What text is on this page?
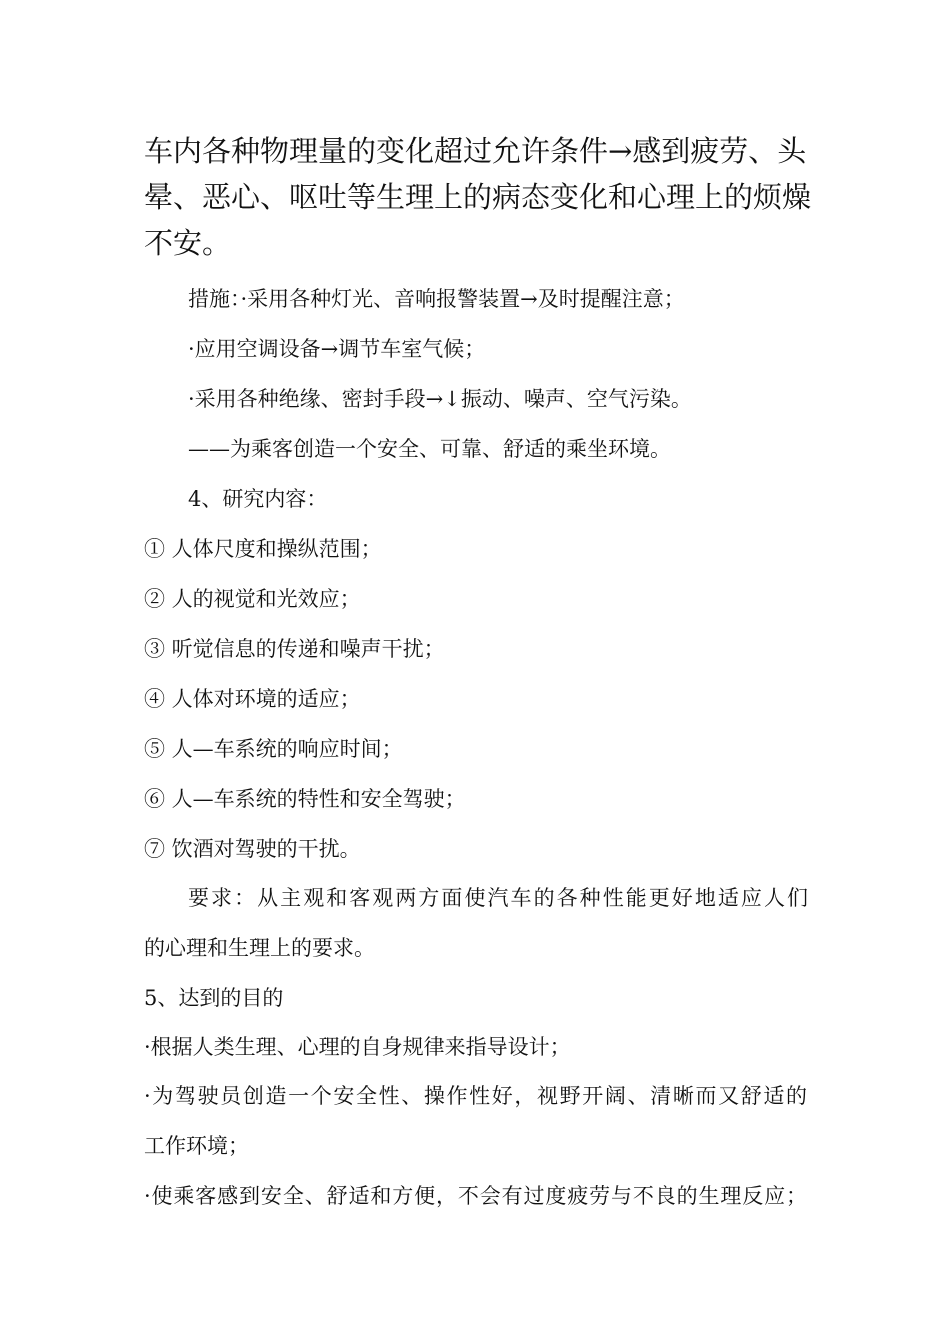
车内各种物理量的变化超过允许条件→感到疲劳、头
晕、恶心、呕吐等生理上的病态变化和心理上的烦燥
不安。
措施：·采用各种灯光、音响报警装置→及时提醒注意；
·应用空调设备→调节车室气候；
·采用各种绝缘、密封手段→↓振动、噪声、空气污染。
——为乘客创造一个安全、可靠、舒适的乘坐环境。
4、研究内容：
① 人体尺度和操纵范围；
② 人的视觉和光效应；
③ 听觉信息的传递和噪声干扰；
④ 人体对环境的适应；
⑤ 人—车系统的响应时间；
⑥ 人—车系统的特性和安全驾驶；
⑦ 饮酒对驾驶的干扰。
要求：从主观和客观两方面使汽车的各种性能更好地适应人们
的心理和生理上的要求。
5、达到的目的
·根据人类生理、心理的自身规律来指导设计；
·为驾驶员创造一个安全性、操作性好，视野开阔、清晰而又舒适的
工作环境；
·使乘客感到安全、舒适和方便，不会有过度疲劳与不良的生理反应；
